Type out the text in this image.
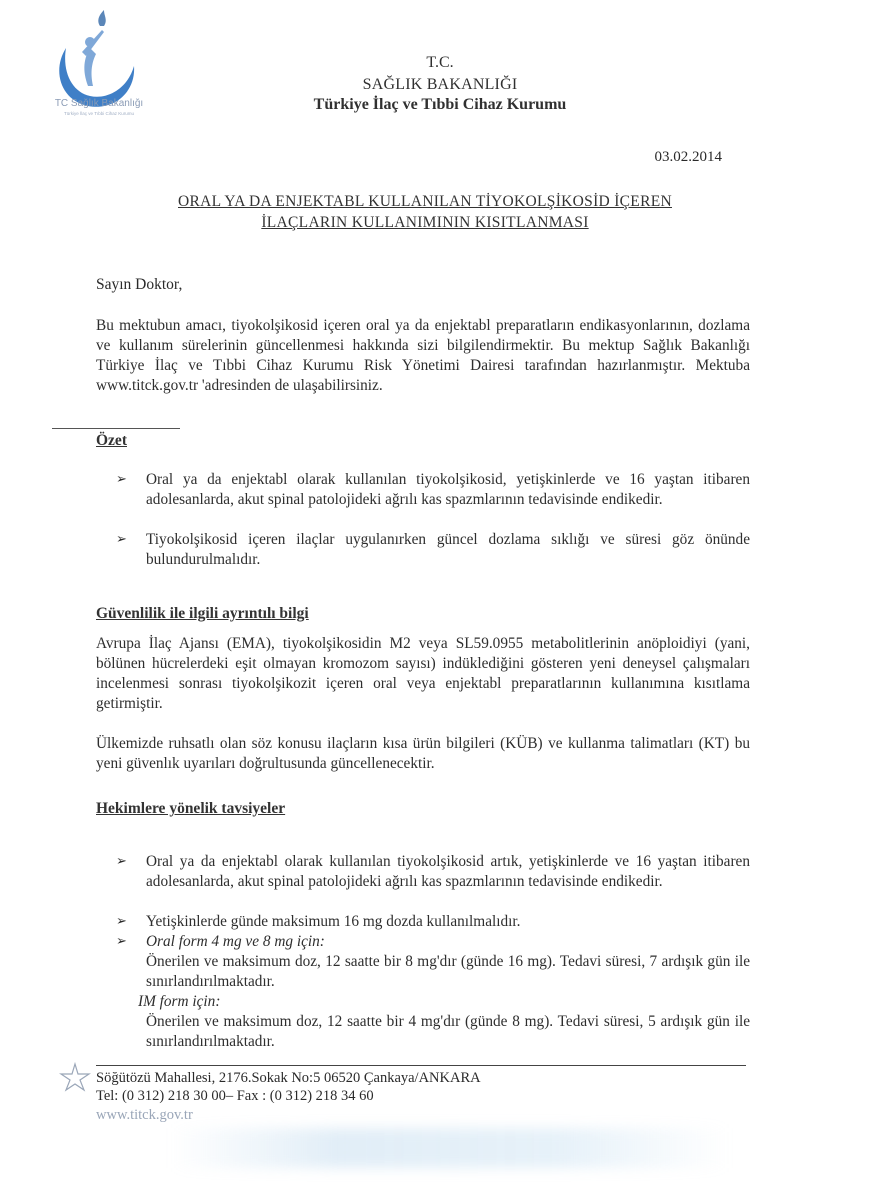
TC Sağlık Bakanlığı
Türkiye İlaç ve Tıbbi Cihaz Kurumu
T.C.
SAĞLIK BAKANLIĞI
Türkiye İlaç ve Tıbbi Cihaz Kurumu
03.02.2014
ORAL YA DA ENJEKTABL KULLANILAN TİYOKOLŞİKOSİD İÇEREN
İLAÇLARIN KULLANIMININ KISITLANMASI
Sayın Doktor,

Bu mektubun amacı, tiyokolşikosid içeren oral ya da enjektabl preparatların endikasyonlarının, dozlama ve kullanım sürelerinin güncellenmesi hakkında sizi bilgilendirmektir. Bu mektup Sağlık Bakanlığı Türkiye İlaç ve Tıbbi Cihaz Kurumu Risk Yönetimi Dairesi tarafından hazırlanmıştır. Mektuba www.titck.gov.tr 'adresinden de ulaşabilirsiniz.

Özet
➢ Oral ya da enjektabl olarak kullanılan tiyokolşikosid, yetişkinlerde ve 16 yaştan itibaren adolesanlarda, akut spinal patolojideki ağrılı kas spazmlarının tedavisinde endikedir.

➢ Tiyokolşikosid içeren ilaçlar uygulanırken güncel dozlama sıklığı ve süresi göz önünde bulundurulmalıdır.

Güvenlilik ile ilgili ayrıntılı bilgi

Avrupa İlaç Ajansı (EMA), tiyokolşikosidin M2 veya SL59.0955 metabolitlerinin anöploidiyi (yani, bölünen hücrelerdeki eşit olmayan kromozom sayısı) indüklediğini gösteren yeni deneysel çalışmaları incelenmesi sonrası tiyokolşikozit içeren oral veya enjektabl preparatlarının kullanımına kısıtlama getirmiştir.

Ülkemizde ruhsatlı olan söz konusu ilaçların kısa ürün bilgileri (KÜB) ve kullanma talimatları (KT) bu yeni güvenlık uyarıları doğrultusunda güncellenecektir.

Hekimlere yönelik tavsiyeler
➢ Oral ya da enjektabl olarak kullanılan tiyokolşikosid artık, yetişkinlerde ve 16 yaştan itibaren adolesanlarda, akut spinal patolojideki ağrılı kas spazmlarının tedavisinde endikedir.

➢ Yetişkinlerde günde maksimum 16 mg dozda kullanılmalıdır.

➢ Oral form 4 mg ve 8 mg için:

Önerilen ve maksimum doz, 12 saatte bir 8 mg'dır (günde 16 mg). Tedavi süresi, 7 ardışık gün ile sınırlandırılmaktadır.

IM form için:

Önerilen ve maksimum doz, 12 saatte bir 4 mg'dır (günde 8 mg). Tedavi süresi, 5 ardışık gün ile sınırlandırılmaktadır.

Söğütözü Mahallesi, 2176.Sokak No:5 06520 Çankaya/ANKARA
Tel: (0 312) 218 30 00– Fax : (0 312) 218 34 60
www.titck.gov.tr
